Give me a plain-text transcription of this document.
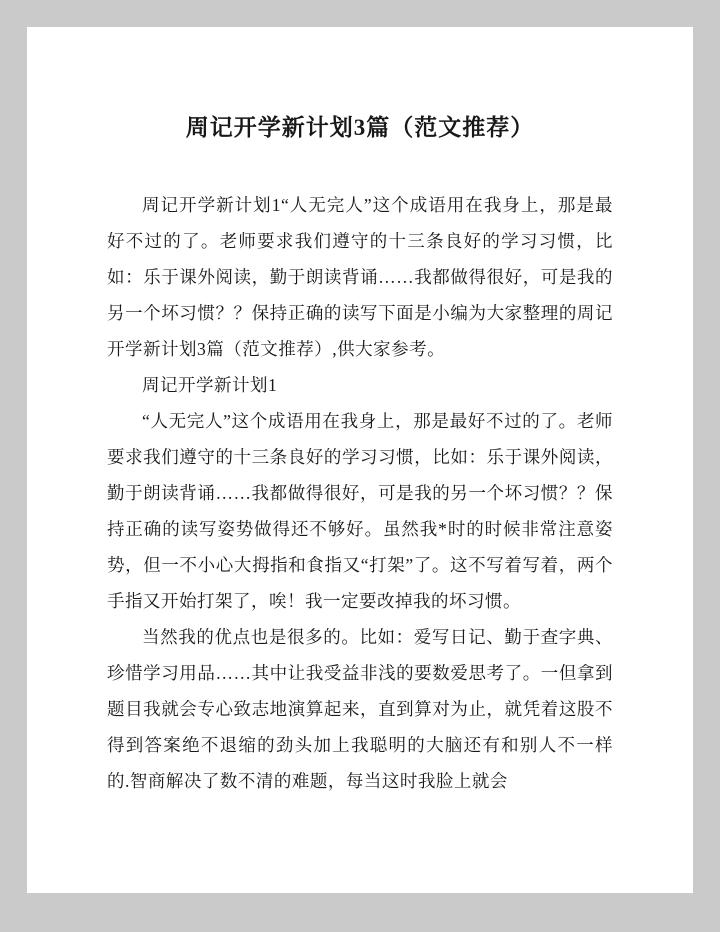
周记开学新计划3篇（范文推荐）

周记开学新计划1“人无完人”这个成语用在我身上，那是最好不过的了。老师要求我们遵守的十三条良好的学习习惯，比如：乐于课外阅读，勤于朗读背诵……我都做得很好，可是我的另一个坏习惯？？保持正确的读写下面是小编为大家整理的周记开学新计划3篇（范文推荐）,供大家参考。

周记开学新计划1

“人无完人”这个成语用在我身上，那是最好不过的了。老师要求我们遵守的十三条良好的学习习惯，比如：乐于课外阅读，勤于朗读背诵……我都做得很好，可是我的另一个坏习惯？？保持正确的读写姿势做得还不够好。虽然我*时的时候非常注意姿势，但一不小心大拇指和食指又“打架”了。这不写着写着，两个手指又开始打架了，唉！我一定要改掉我的坏习惯。

当然我的优点也是很多的。比如：爱写日记、勤于查字典、珍惜学习用品……其中让我受益非浅的要数爱思考了。一但拿到题目我就会专心致志地演算起来，直到算对为止，就凭着这股不得到答案绝不退缩的劲头加上我聪明的大脑还有和别人不一样的.智商解决了数不清的难题，每当这时我脸上就会
